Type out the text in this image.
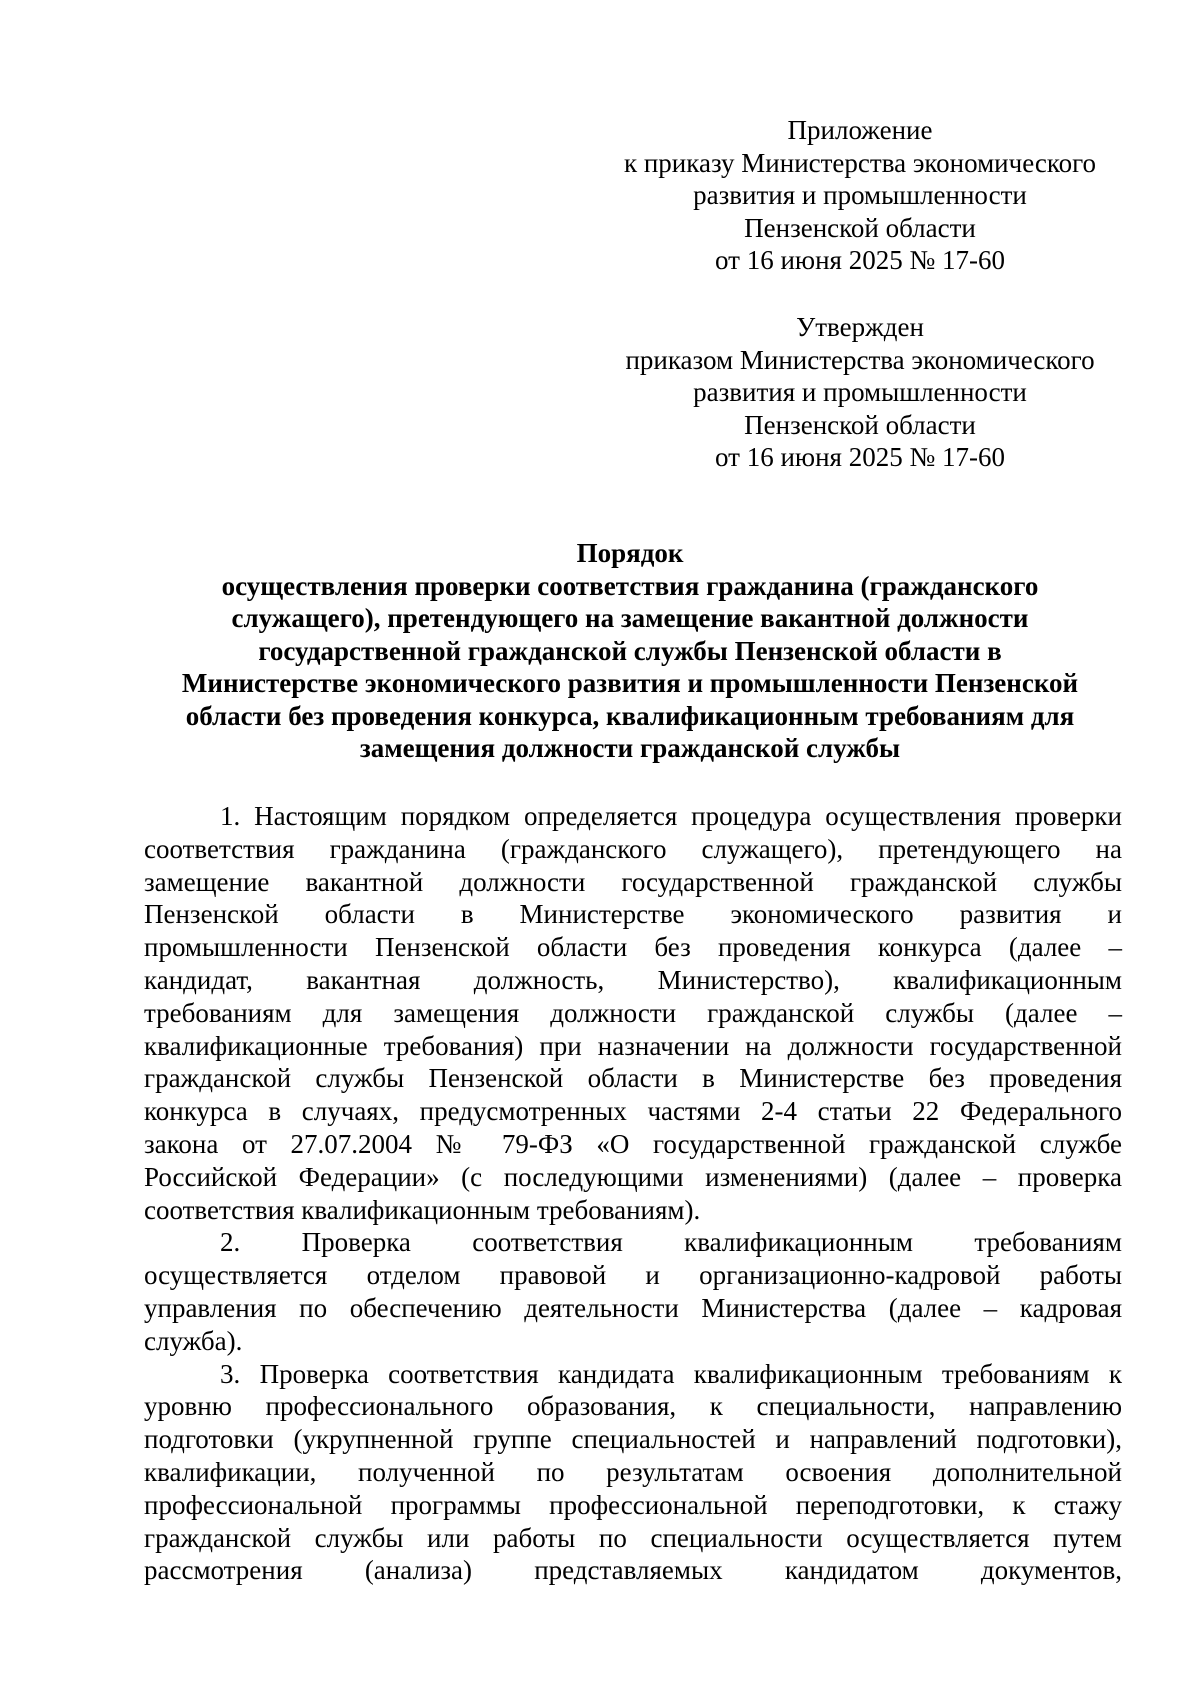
Приложение
к приказу Министерства экономического
развития и промышленности
Пензенской области
от 16 июня 2025 № 17-60
Утвержден
приказом Министерства экономического
развития и промышленности
Пензенской области
от 16 июня 2025 № 17-60
Порядок
осуществления проверки соответствия гражданина (гражданского
служащего), претендующего на замещение вакантной должности
государственной гражданской службы Пензенской области в
Министерстве экономического развития и промышленности Пензенской
области без проведения конкурса, квалификационным требованиям для
замещения должности гражданской службы
1. Настоящим порядком определяется процедура осуществления проверки
соответствия гражданина (гражданского служащего), претендующего на
замещение вакантной должности государственной гражданской службы
Пензенской области в Министерстве экономического развития и
промышленности Пензенской области без проведения конкурса (далее –
кандидат, вакантная должность, Министерство), квалификационным
требованиям для замещения должности гражданской службы (далее –
квалификационные требования) при назначении на должности государственной
гражданской службы Пензенской области в Министерстве без проведения
конкурса в случаях, предусмотренных частями 2-4 статьи 22 Федерального
закона от 27.07.2004 № 79-ФЗ «О государственной гражданской службе
Российской Федерации» (с последующими изменениями) (далее – проверка
соответствия квалификационным требованиям).
2. Проверка соответствия квалификационным требованиям
осуществляется отделом правовой и организационно-кадровой работы
управления по обеспечению деятельности Министерства (далее – кадровая
служба).
3. Проверка соответствия кандидата квалификационным требованиям к
уровню профессионального образования, к специальности, направлению
подготовки (укрупненной группе специальностей и направлений подготовки),
квалификации, полученной по результатам освоения дополнительной
профессиональной программы профессиональной переподготовки, к стажу
гражданской службы или работы по специальности осуществляется путем
рассмотрения (анализа) представляемых кандидатом документов,
